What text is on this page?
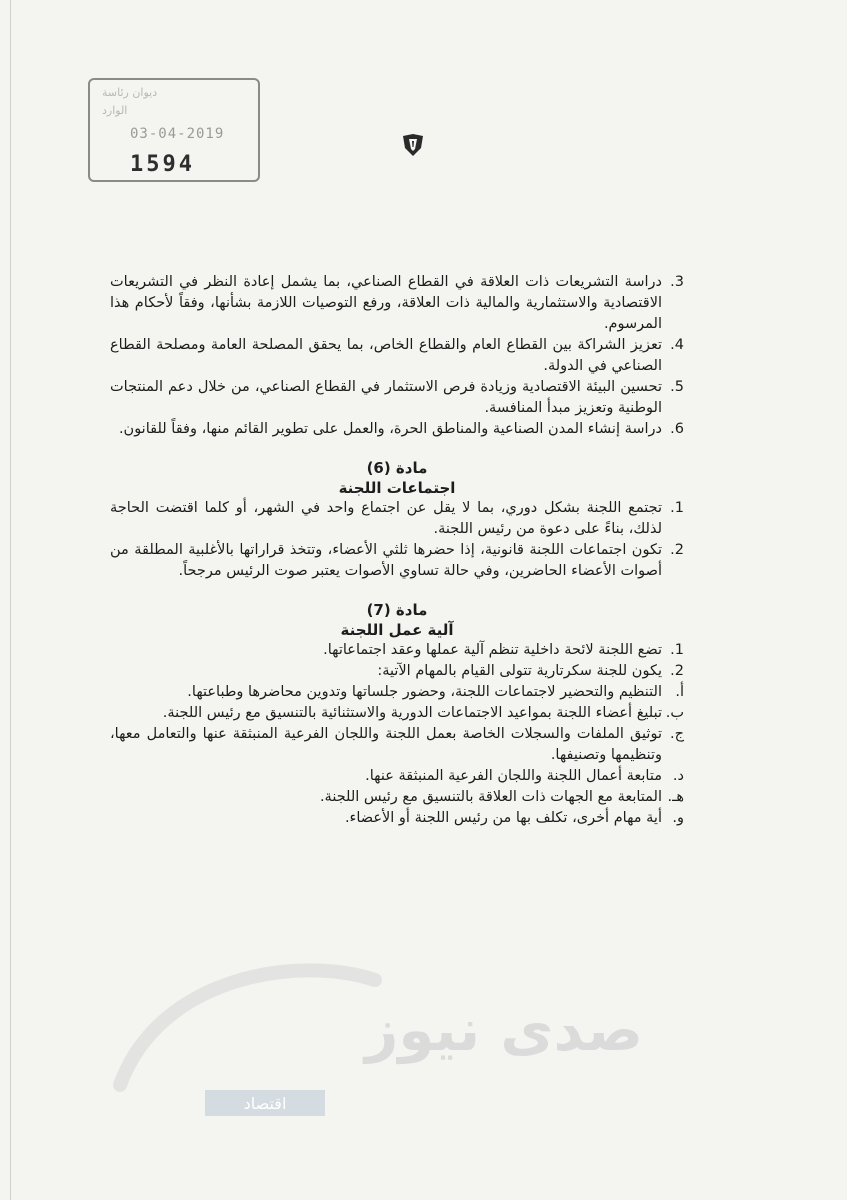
ديوان رئاسة
الوارد
03-04-2019
1594
3.
دراسة التشريعات ذات العلاقة في القطاع الصناعي، بما يشمل إعادة النظر في التشريعات الاقتصادية والاستثمارية والمالية ذات العلاقة، ورفع التوصيات اللازمة بشأنها، وفقاً لأحكام هذا المرسوم.
4.
تعزيز الشراكة بين القطاع العام والقطاع الخاص، بما يحقق المصلحة العامة ومصلحة القطاع الصناعي في الدولة.
5.
تحسين البيئة الاقتصادية وزيادة فرص الاستثمار في القطاع الصناعي، من خلال دعم المنتجات الوطنية وتعزيز مبدأ المنافسة.
6.
دراسة إنشاء المدن الصناعية والمناطق الحرة، والعمل على تطوير القائم منها، وفقاً للقانون.
مادة (6)
اجتماعات اللجنة
1.
تجتمع اللجنة بشكل دوري، بما لا يقل عن اجتماع واحد في الشهر، أو كلما اقتضت الحاجة لذلك، بناءً على دعوة من رئيس اللجنة.
2.
تكون اجتماعات اللجنة قانونية، إذا حضرها ثلثي الأعضاء، وتتخذ قراراتها بالأغلبية المطلقة من أصوات الأعضاء الحاضرين، وفي حالة تساوي الأصوات يعتبر صوت الرئيس مرجحاً.
مادة (7)
آلية عمل اللجنة
1.
تضع اللجنة لائحة داخلية تنظم آلية عملها وعقد اجتماعاتها.
2.
يكون للجنة سكرتارية تتولى القيام بالمهام الآتية:
أ.
التنظيم والتحضير لاجتماعات اللجنة، وحضور جلساتها وتدوين محاضرها وطباعتها.
ب.
تبليغ أعضاء اللجنة بمواعيد الاجتماعات الدورية والاستثنائية بالتنسيق مع رئيس اللجنة.
ج.
توثيق الملفات والسجلات الخاصة بعمل اللجنة واللجان الفرعية المنبثقة عنها والتعامل معها، وتنظيمها وتصنيفها.
د.
متابعة أعمال اللجنة واللجان الفرعية المنبثقة عنها.
هـ.
المتابعة مع الجهات ذات العلاقة بالتنسيق مع رئيس اللجنة.
و.
أية مهام أخرى، تكلف بها من رئيس اللجنة أو الأعضاء.
صدى نيوز
اقتصاد
